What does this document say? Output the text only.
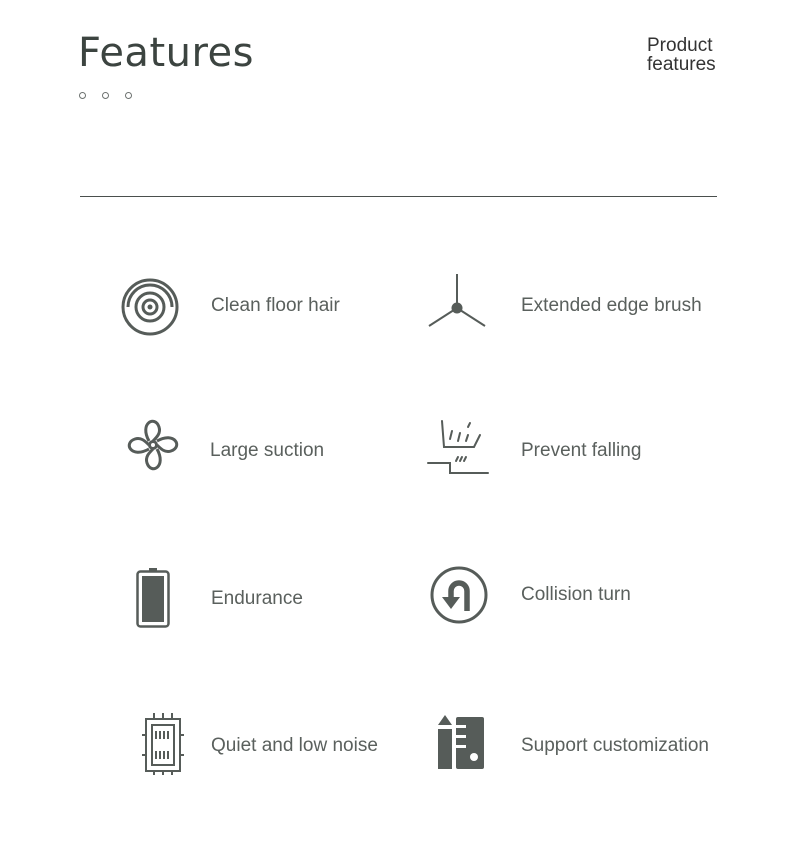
Features	Product
features
Clean floor hair	Extended edge brush
Large suction	Prevent falling
Endurance	Collision turn
Quiet and low noise	Support customization
